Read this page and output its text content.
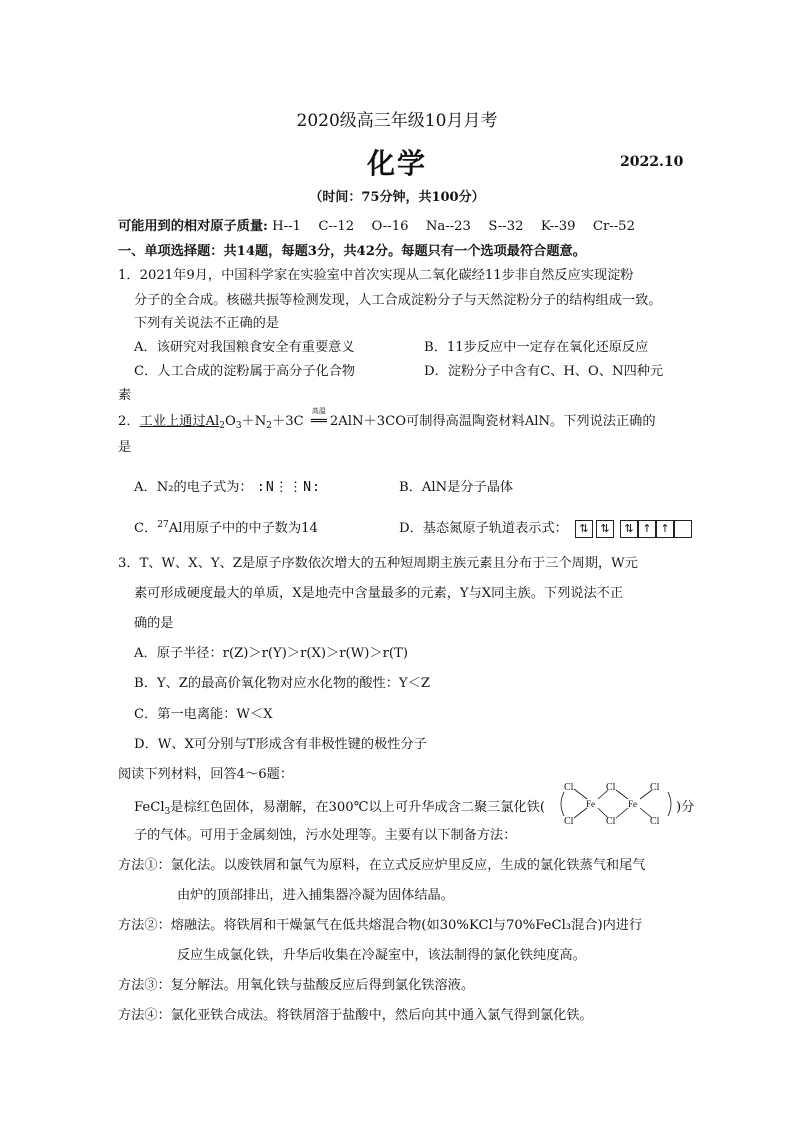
2020级高三年级10月月考
化学	2022.10
（时间：75分钟，共100分）
可能用到的相对原子质量: H--1　 C--12　 O--16　 Na--23　 S--32　 K--39　 Cr--52
一、单项选择题：共14题，每题3分，共42分。每题只有一个选项最符合题意。
1．2021年9月，中国科学家在实验室中首次实现从二氧化碳经11步非自然反应实现淀粉
分子的全合成。核磁共振等检测发现，人工合成淀粉分子与天然淀粉分子的结构组成一致。
下列有关说法不正确的是
A．该研究对我国粮食安全有重要意义	B．11步反应中一定存在氧化还原反应
C．人工合成的淀粉属于高分子化合物	D．淀粉分子中含有C、H、O、N四种元
素
2．工业上通过$Al_2O_3+N_2+3C$
高温
══ 2AlN＋3CO可制得高温陶瓷材料AlN。下列说法正确的
是
A．N₂的电子式为： :N⋮⋮N:	B．AlN是分子晶体
C．$^{27}$Al用原子中的中子数为14	D．基态氮原子轨道表示式： ⇅ ⇅ ⇅ ↑ ↑
3．T、W、X、Y、Z是原子序数依次增大的五种短周期主族元素且分布于三个周期，W元
素可形成硬度最大的单质，X是地壳中含量最多的元素，Y与X同主族。下列说法不正
确的是
A．原子半径：r(Z)＞r(Y)＞r(X)＞r(W)＞r(T)
B．Y、Z的最高价氧化物对应水化物的酸性：Y＜Z
C．第一电离能：W＜X
D．W、X可分别与T形成含有非极性键的极性分子
阅读下列材料，回答4～6题：
FeCl$_3$是棕红色固体，易潮解，在300℃以上可升华成含二聚三氯化铁(
Cl	Cl	Cl
Fe	Fe
Cl	Cl	Cl
)分
子的气体。可用于金属刻蚀，污水处理等。主要有以下制备方法：
方法①：氯化法。以废铁屑和氯气为原料，在立式反应炉里反应，生成的氯化铁蒸气和尾气
由炉的顶部排出，进入捕集器冷凝为固体结晶。
方法②：熔融法。将铁屑和干燥氯气在低共熔混合物(如30%KCl与70%FeCl₃混合)内进行
反应生成氯化铁，升华后收集在冷凝室中，该法制得的氯化铁纯度高。
方法③：复分解法。用氧化铁与盐酸反应后得到氯化铁溶液。
方法④：氯化亚铁合成法。将铁屑溶于盐酸中，然后向其中通入氯气得到氯化铁。
